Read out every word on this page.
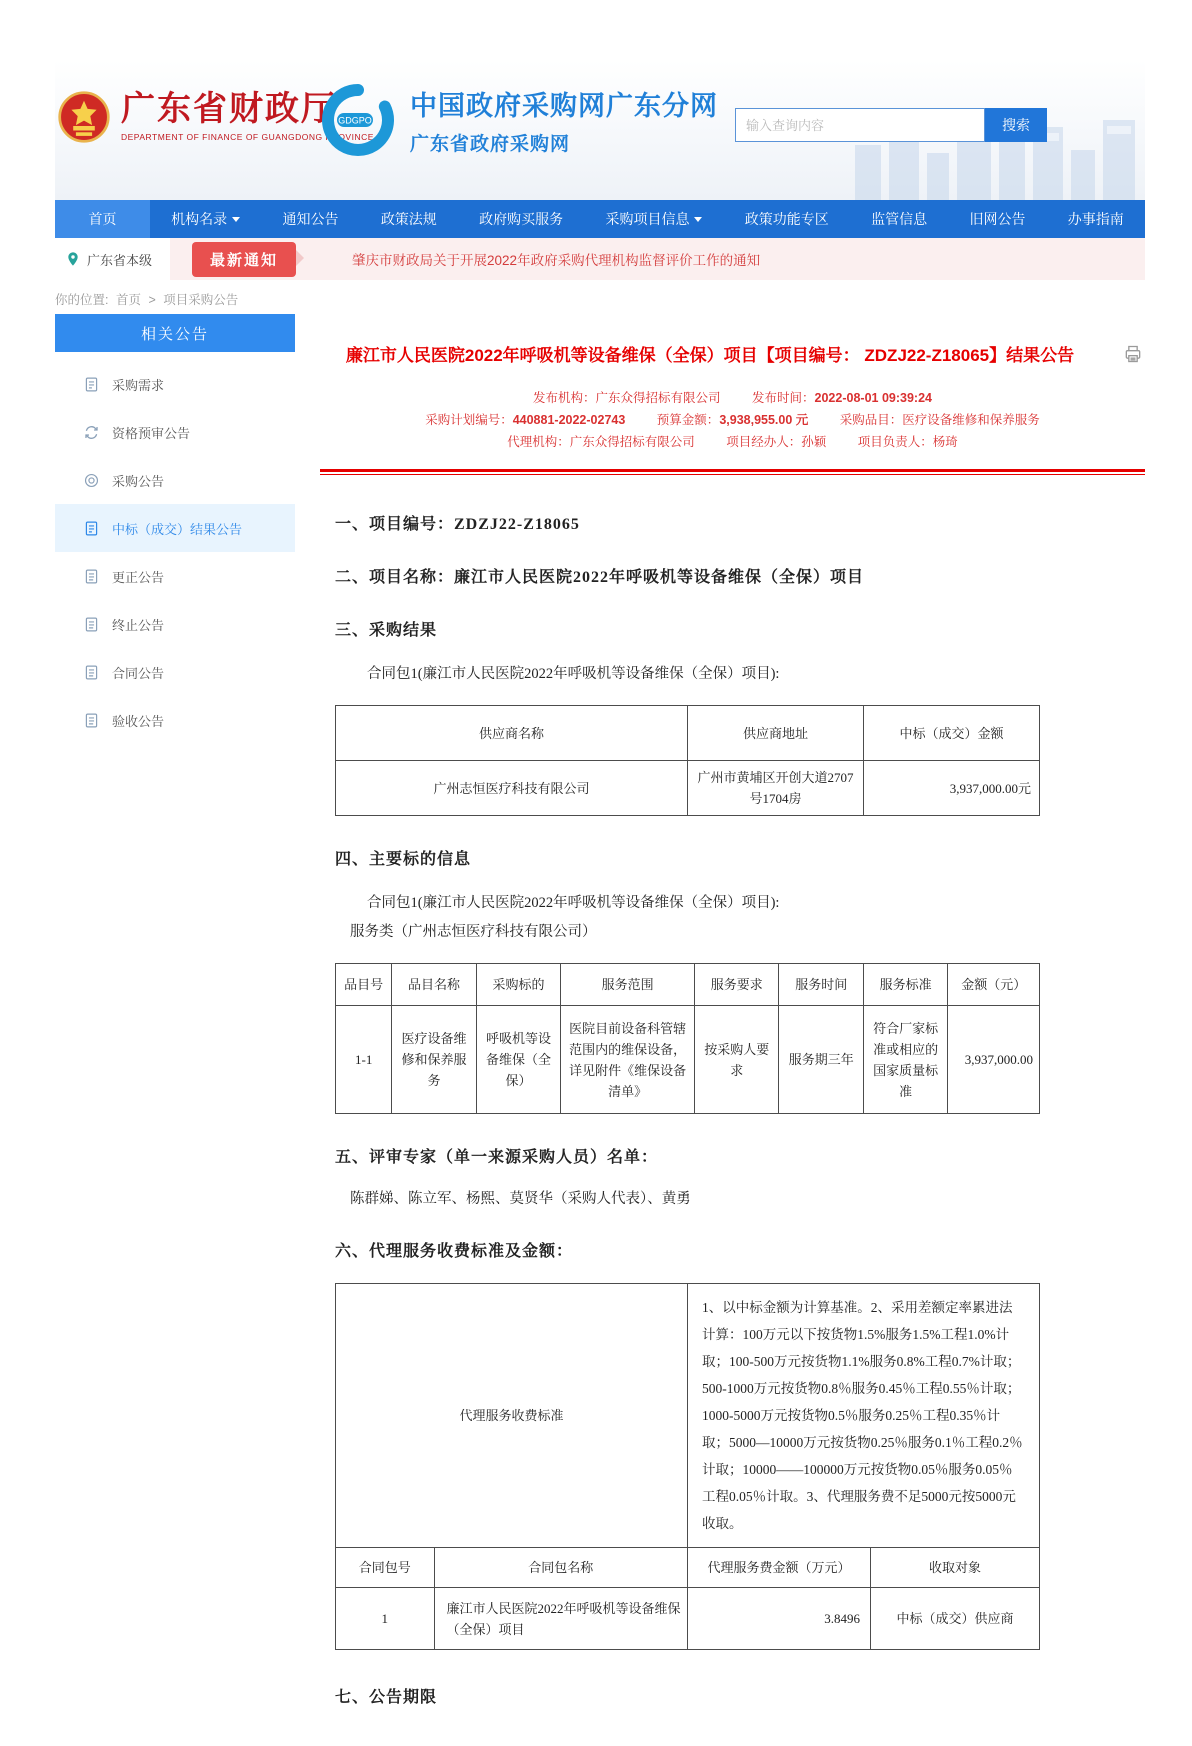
广东省财政厅
DEPARTMENT OF FINANCE OF GUANGDONG PROVINCE
GDGPO 中国政府采购网广东分网
广东省政府采购网
输入查询内容
搜索
首页	机构名录	通知公告	政策法规	政府购买服务	采购项目信息	政策功能专区	监管信息	旧网公告	办事指南
广东省本级	最新通知	肇庆市财政局关于开展2022年政府采购代理机构监督评价工作的通知
你的位置: 首页 > 项目采购公告
相关公告
采购需求
资格预审公告
采购公告
中标（成交）结果公告
更正公告
终止公告
合同公告
验收公告
廉江市人民医院2022年呼吸机等设备维保（全保）项目【项目编号： ZDZJ22-Z18065】结果公告
发布机构：广东众得招标有限公司	发布时间：2022-08-01 09:39:24
采购计划编号：440881-2022-02743	预算金额：3,938,955.00 元	采购品目：医疗设备维修和保养服务
代理机构：广东众得招标有限公司	项目经办人：孙颖	项目负责人：杨琦
一、项目编号：ZDZJ22-Z18065
二、项目名称：廉江市人民医院2022年呼吸机等设备维保（全保）项目
三、采购结果

合同包1(廉江市人民医院2022年呼吸机等设备维保（全保）项目):

供应商名称	供应商地址	中标（成交）金额
广州志恒医疗科技有限公司	广州市黄埔区开创大道2707号1704房	3,937,000.00元
四、主要标的信息

合同包1(廉江市人民医院2022年呼吸机等设备维保（全保）项目):

服务类（广州志恒医疗科技有限公司）

品目号	品目名称	采购标的	服务范围	服务要求	服务时间	服务标准	金额（元）
1-1	医疗设备维修和保养服务	呼吸机等设备维保（全保）	医院目前设备科管辖范围内的维保设备，详见附件《维保设备清单》	按采购人要求	服务期三年	符合厂家标准或相应的国家质量标准	3,937,000.00
五、评审专家（单一来源采购人员）名单：

陈群娣、陈立军、杨熙、莫贤华（采购人代表）、黄勇

六、代理服务收费标准及金额：
代理服务收费标准	1、以中标金额为计算基准。2、采用差额定率累进法计算：100万元以下按货物1.5%服务1.5%工程1.0%计取；100-500万元按货物1.1%服务0.8%工程0.7%计取；500-1000万元按货物0.8％服务0.45％工程0.55％计取；1000-5000万元按货物0.5％服务0.25％工程0.35％计取；5000—10000万元按货物0.25％服务0.1％工程0.2％计取；10000——100000万元按货物0.05％服务0.05％工程0.05％计取。3、代理服务费不足5000元按5000元收取。
合同包号	合同包名称	代理服务费金额（万元）	收取对象
1	廉江市人民医院2022年呼吸机等设备维保（全保）项目	3.8496	中标（成交）供应商
七、公告期限
